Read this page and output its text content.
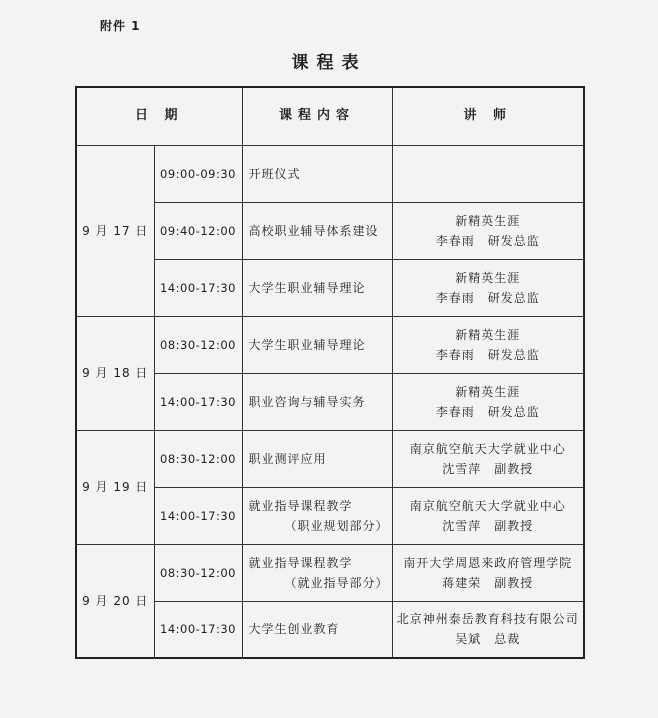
附件 1
课程表
日 期		课程内容	讲 师
9 月 17 日	09:00-09:30	开班仪式	

	09:40-12:00	高校职业辅导体系建设	新精英生涯
李春雨　研发总监

	14:00-17:30	大学生职业辅导理论	新精英生涯
李春雨　研发总监

9 月 18 日	08:30-12:00	大学生职业辅导理论	新精英生涯
李春雨　研发总监

	14:00-17:30	职业咨询与辅导实务	新精英生涯
李春雨　研发总监

9 月 19 日	08:30-12:00	职业测评应用	南京航空航天大学就业中心
沈雪萍　副教授

	14:00-17:30	就业指导课程教学
（职业规划部分）	南京航空航天大学就业中心
沈雪萍　副教授

9 月 20 日	08:30-12:00	就业指导课程教学
（就业指导部分）	南开大学周恩来政府管理学院
蒋建荣　副教授

	14:00-17:30	大学生创业教育	北京神州泰岳教育科技有限公司
吴斌　总裁
